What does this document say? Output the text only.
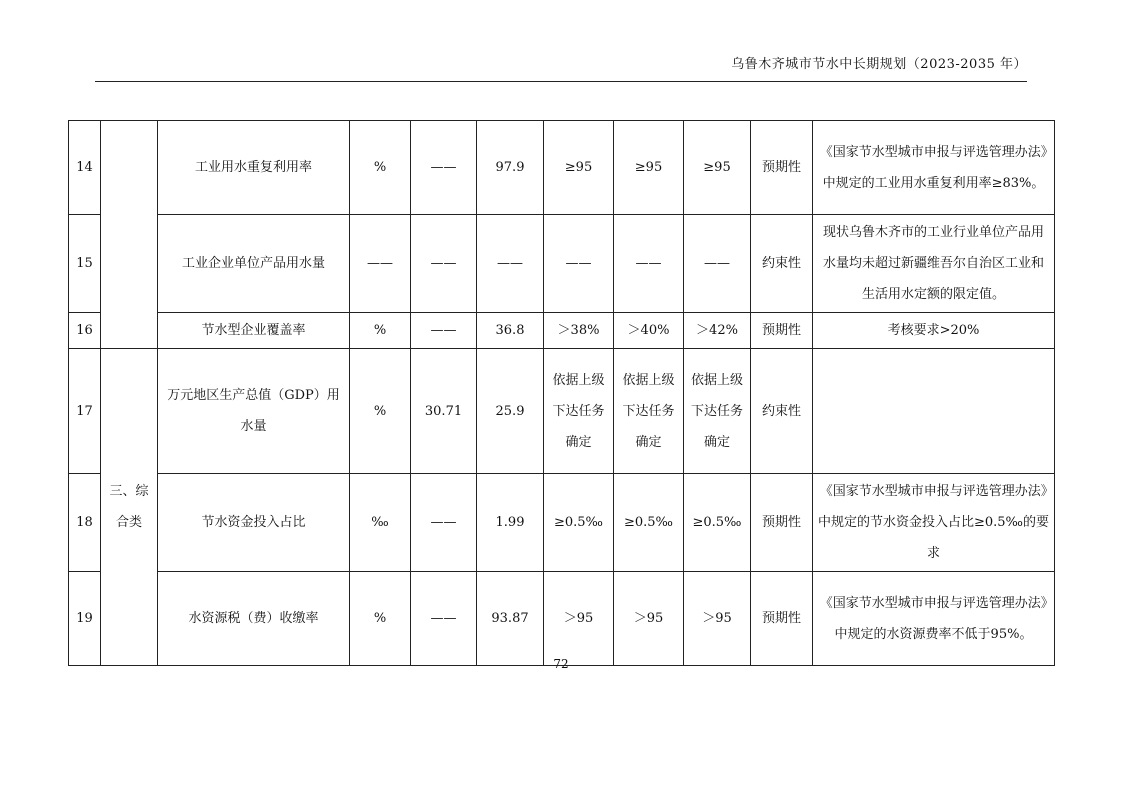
乌鲁木齐城市节水中长期规划（2023-2035 年）
14		工业用水重复利用率	%	——	97.9	≥95	≥95	≥95	预期性	《国家节水型城市申报与评选管理办法》中规定的工业用水重复利用率≥83%。
15		工业企业单位产品用水量	——	——	——	——	——	——	约束性	现状乌鲁木齐市的工业行业单位产品用水量均未超过新疆维吾尔自治区工业和生活用水定额的限定值。
16		节水型企业覆盖率	%	——	36.8	＞38%	＞40%	＞42%	预期性	考核要求>20%
17	三、综合类	万元地区生产总值（GDP）用水量	%	30.71	25.9	依据上级下达任务确定	依据上级下达任务确定	依据上级下达任务确定	约束性	
18		节水资金投入占比	‰	——	1.99	≥0.5‰	≥0.5‰	≥0.5‰	预期性	《国家节水型城市申报与评选管理办法》中规定的节水资金投入占比≥0.5‰的要求
19		水资源税（费）收缴率	%	——	93.87	＞95	＞95	＞95	预期性	《国家节水型城市申报与评选管理办法》中规定的水资源费率不低于95%。
72
